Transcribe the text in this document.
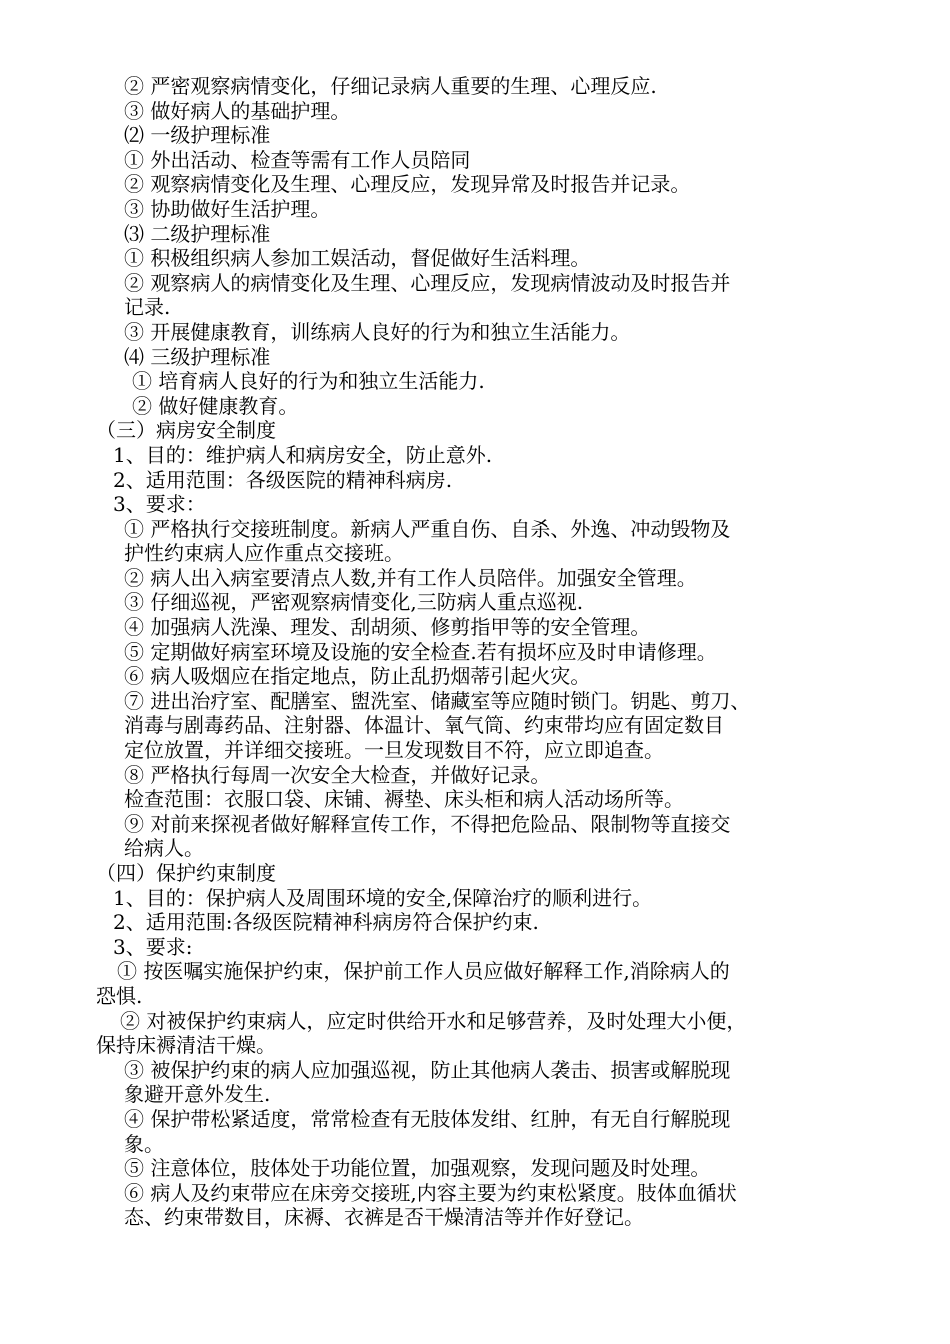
② 严密观察病情变化，仔细记录病人重要的生理、心理反应.

③ 做好病人的基础护理。

⑵ 一级护理标准

① 外出活动、检查等需有工作人员陪同

② 观察病情变化及生理、心理反应，发现异常及时报告并记录。

③ 协助做好生活护理。

⑶ 二级护理标准

① 积极组织病人参加工娱活动，督促做好生活料理。

② 观察病人的病情变化及生理、心理反应，发现病情波动及时报告并

记录.

③ 开展健康教育，训练病人良好的行为和独立生活能力。

⑷ 三级护理标准

① 培育病人良好的行为和独立生活能力.

② 做好健康教育。

（三）病房安全制度

1、目的：维护病人和病房安全，防止意外.

2、适用范围：各级医院的精神科病房.

3、要求：

① 严格执行交接班制度。新病人严重自伤、自杀、外逸、冲动毁物及

护性约束病人应作重点交接班。

② 病人出入病室要清点人数,并有工作人员陪伴。加强安全管理。

③ 仔细巡视，严密观察病情变化,三防病人重点巡视.

④ 加强病人洗澡、理发、刮胡须、修剪指甲等的安全管理。

⑤ 定期做好病室环境及设施的安全检查.若有损坏应及时申请修理。

⑥ 病人吸烟应在指定地点，防止乱扔烟蒂引起火灾。

⑦ 进出治疗室、配膳室、盥洗室、储藏室等应随时锁门。钥匙、剪刀、

消毒与剧毒药品、注射器、体温计、氧气筒、约束带均应有固定数目

定位放置，并详细交接班。一旦发现数目不符，应立即追查。

⑧ 严格执行每周一次安全大检查，并做好记录。

检查范围：衣服口袋、床铺、褥垫、床头柜和病人活动场所等。

⑨ 对前来探视者做好解释宣传工作，不得把危险品、限制物等直接交

给病人。

（四）保护约束制度

1、目的：保护病人及周围环境的安全,保障治疗的顺利进行。

2、适用范围:各级医院精神科病房符合保护约束.

3、要求:

① 按医嘱实施保护约束，保护前工作人员应做好解释工作,消除病人的

恐惧.

② 对被保护约束病人，应定时供给开水和足够营养，及时处理大小便，

保持床褥清洁干燥。

③ 被保护约束的病人应加强巡视，防止其他病人袭击、损害或解脱现

象避开意外发生.

④ 保护带松紧适度，常常检查有无肢体发绀、红肿，有无自行解脱现

象。

⑤ 注意体位，肢体处于功能位置，加强观察，发现问题及时处理。

⑥ 病人及约束带应在床旁交接班,内容主要为约束松紧度。肢体血循状

态、约束带数目，床褥、衣裤是否干燥清洁等并作好登记。
